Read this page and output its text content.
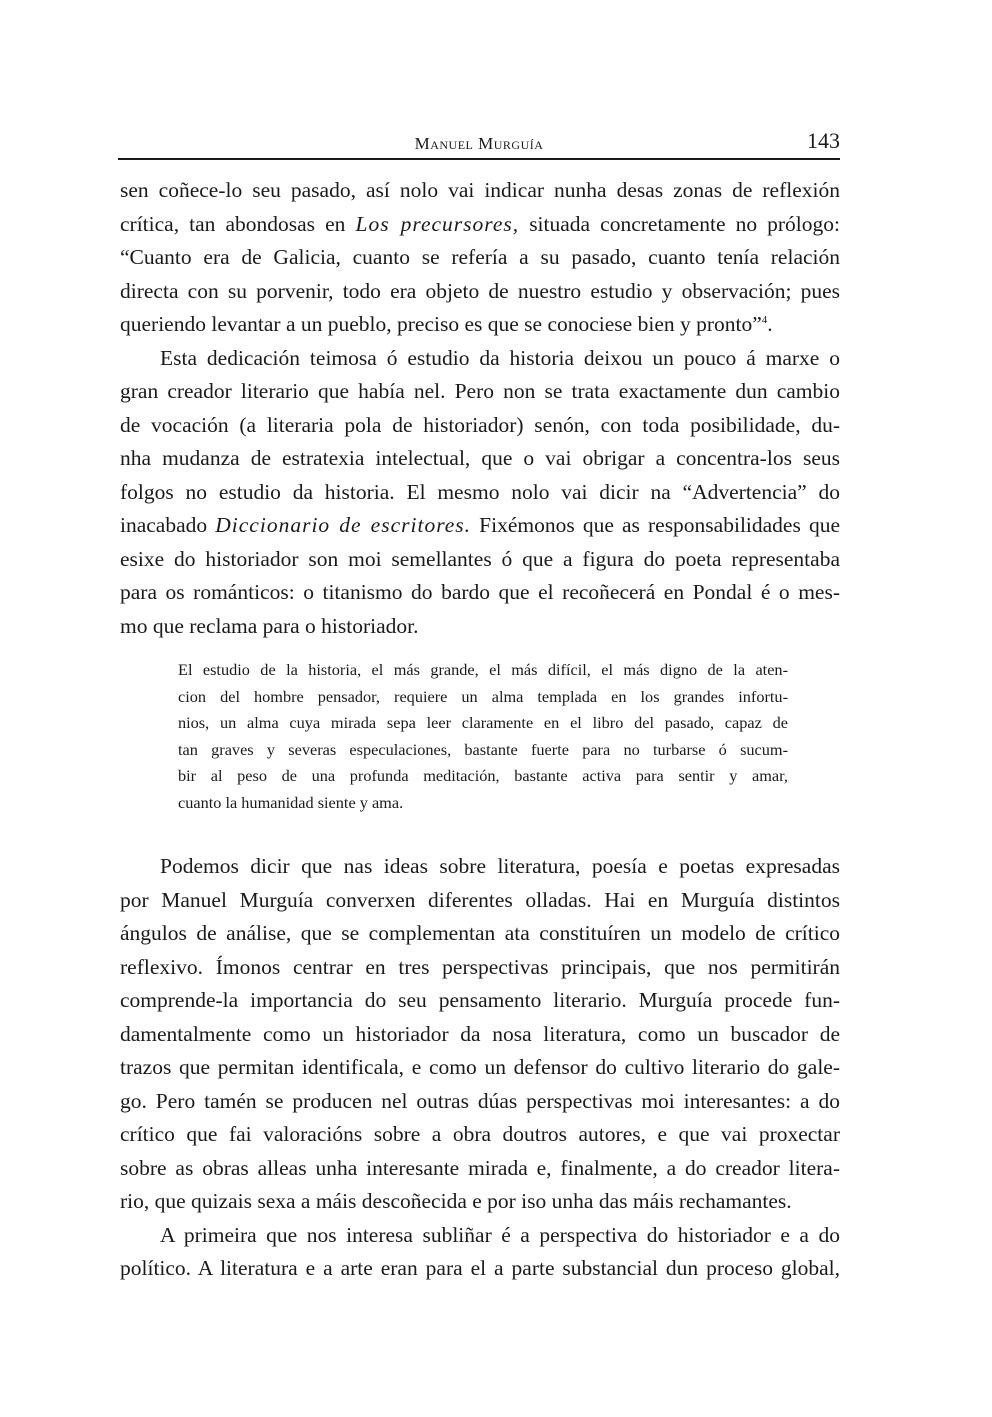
Manuel Murguía	143
sen coñece-lo seu pasado, así nolo vai indicar nunha desas zonas de reflexión
crítica, tan abondosas en Los precursores, situada concretamente no prólogo:
“Cuanto era de Galicia, cuanto se refería a su pasado, cuanto tenía relación
directa con su porvenir, todo era objeto de nuestro estudio y observación; pues
queriendo levantar a un pueblo, preciso es que se conociese bien y pronto”$^4$.
Esta dedicación teimosa ó estudio da historia deixou un pouco á marxe o
gran creador literario que había nel. Pero non se trata exactamente dun cambio
de vocación (a literaria pola de historiador) senón, con toda posibilidade, du-
nha mudanza de estratexia intelectual, que o vai obrigar a concentra-los seus
folgos no estudio da historia. El mesmo nolo vai dicir na “Advertencia” do
inacabado Diccionario de escritores. Fixémonos que as responsabilidades que
esixe do historiador son moi semellantes ó que a figura do poeta representaba
para os románticos: o titanismo do bardo que el recoñecerá en Pondal é o mes-
mo que reclama para o historiador.
El estudio de la historia, el más grande, el más difícil, el más digno de la aten-
cion del hombre pensador, requiere un alma templada en los grandes infortu-
nios, un alma cuya mirada sepa leer claramente en el libro del pasado, capaz de
tan graves y severas especulaciones, bastante fuerte para no turbarse ó sucum-
bir al peso de una profunda meditación, bastante activa para sentir y amar,
cuanto la humanidad siente y ama.
Podemos dicir que nas ideas sobre literatura, poesía e poetas expresadas
por Manuel Murguía converxen diferentes olladas. Hai en Murguía distintos
ángulos de análise, que se complementan ata constituíren un modelo de crítico
reflexivo. Ímonos centrar en tres perspectivas principais, que nos permitirán
comprende-la importancia do seu pensamento literario. Murguía procede fun-
damentalmente como un historiador da nosa literatura, como un buscador de
trazos que permitan identificala, e como un defensor do cultivo literario do gale-
go. Pero tamén se producen nel outras dúas perspectivas moi interesantes: a do
crítico que fai valoracións sobre a obra doutros autores, e que vai proxectar
sobre as obras alleas unha interesante mirada e, finalmente, a do creador litera-
rio, que quizais sexa a máis descoñecida e por iso unha das máis rechamantes.
A primeira que nos interesa subliñar é a perspectiva do historiador e a do
político. A literatura e a arte eran para el a parte substancial dun proceso global,
